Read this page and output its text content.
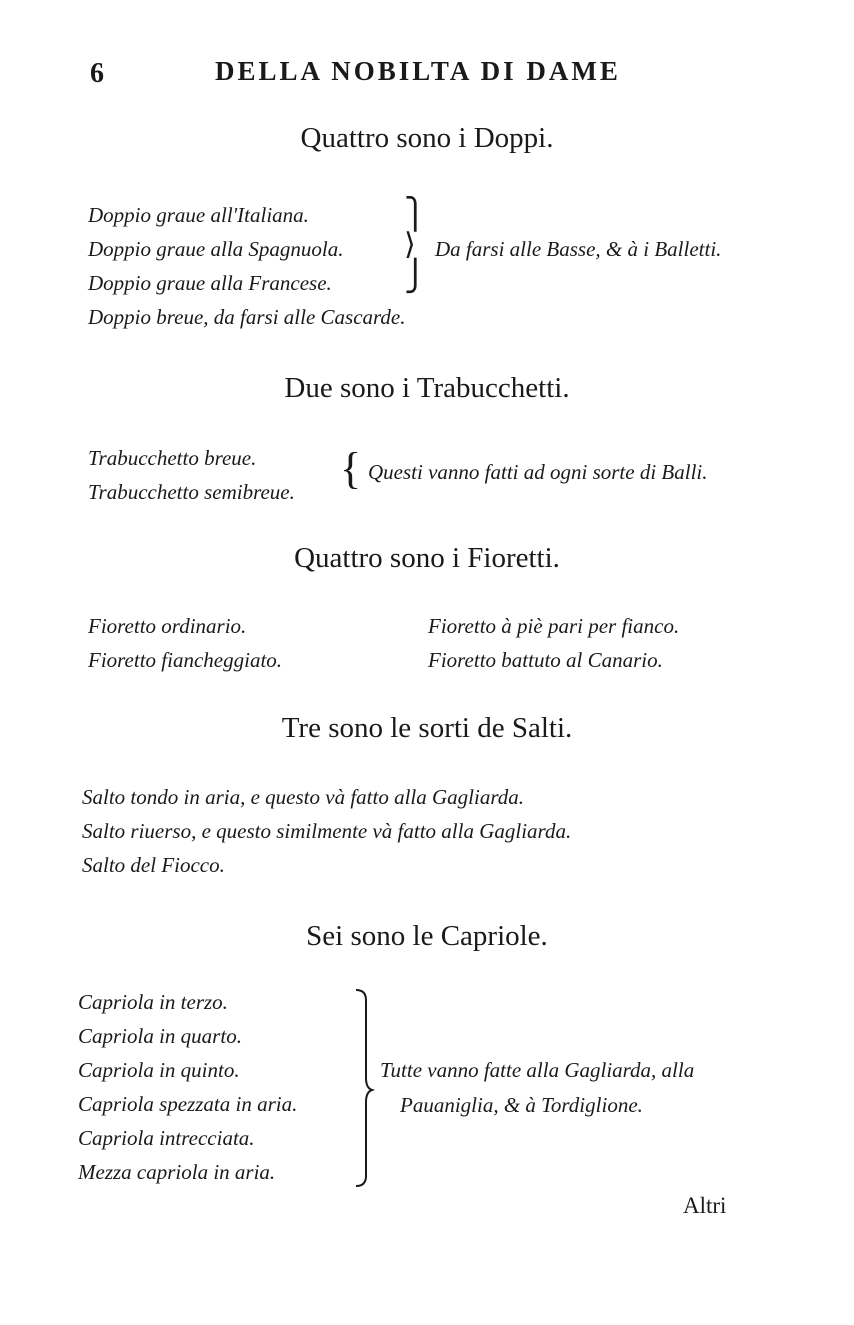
6	DELLA NOBILTA DI DAME
Quattro sono i Doppi.
Doppio graue all'Italiana.
Doppio graue alla Spagnuola.
Doppio graue alla Francese.
Doppio breue, da farsi alle Cascarde.
⎫
⟩
⎭
Da farsi alle Basse, & à i Balletti.
Due sono i Trabucchetti.
Trabucchetto breue.
Trabucchetto semibreue. { Questi vanno fatti ad ogni sorte di Balli.
Quattro sono i Fioretti.
Fioretto ordinario.
Fioretto fiancheggiato.
Fioretto à piè pari per fianco.
Fioretto battuto al Canario.
Tre sono le sorti de Salti.
Salto tondo in aria, e questo và fatto alla Gagliarda.
Salto riuerso, e questo similmente và fatto alla Gagliarda.
Salto del Fiocco.
Sei sono le Capriole.
Capriola in terzo.
Capriola in quarto.
Capriola in quinto.
Capriola spezzata in aria.
Capriola intrecciata.
Mezza capriola in aria.
Tutte vanno fatte alla Gagliarda, alla
Pauaniglia, & à Tordiglione.
Altri
